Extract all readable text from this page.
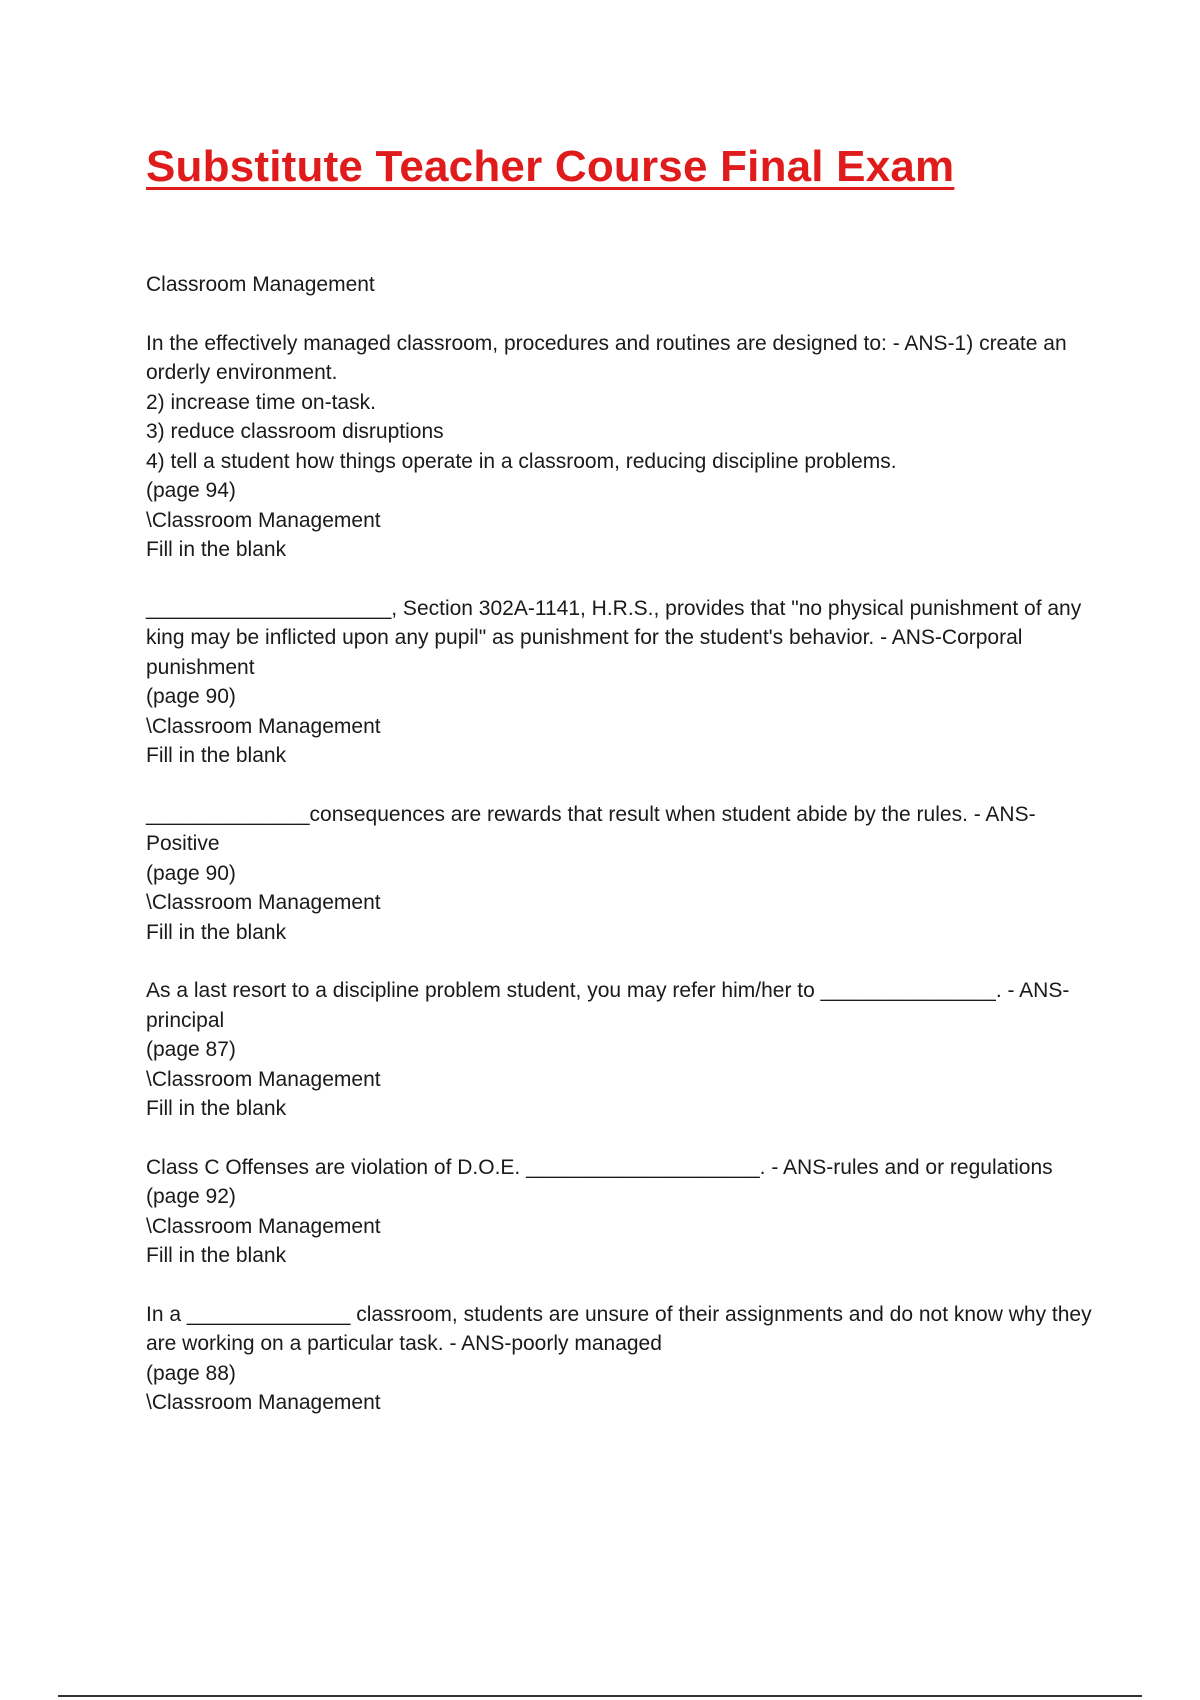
Substitute Teacher Course Final Exam

Classroom Management

In the effectively managed classroom, procedures and routines are designed to: - ANS-1) create an orderly environment.

2) increase time on-task.
3) reduce classroom disruptions
4) tell a student how things operate in a classroom, reducing discipline problems.
(page 94)
\Classroom Management
Fill in the blank

_____________________, Section 302A-1141, H.R.S., provides that "no physical punishment of any king may be inflicted upon any pupil" as punishment for the student's behavior. - ANS-Corporal punishment

(page 90)
\Classroom Management
Fill in the blank

______________consequences are rewards that result when student abide by the rules. - ANS-Positive

(page 90)
\Classroom Management
Fill in the blank

As a last resort to a discipline problem student, you may refer him/her to _______________. - ANS-principal

(page 87)
\Classroom Management
Fill in the blank

Class C Offenses are violation of D.O.E. ____________________. - ANS-rules and or regulations

(page 92)
\Classroom Management
Fill in the blank

In a ______________ classroom, students are unsure of their assignments and do not know why they are working on a particular task. - ANS-poorly managed

(page 88)
\Classroom Management
